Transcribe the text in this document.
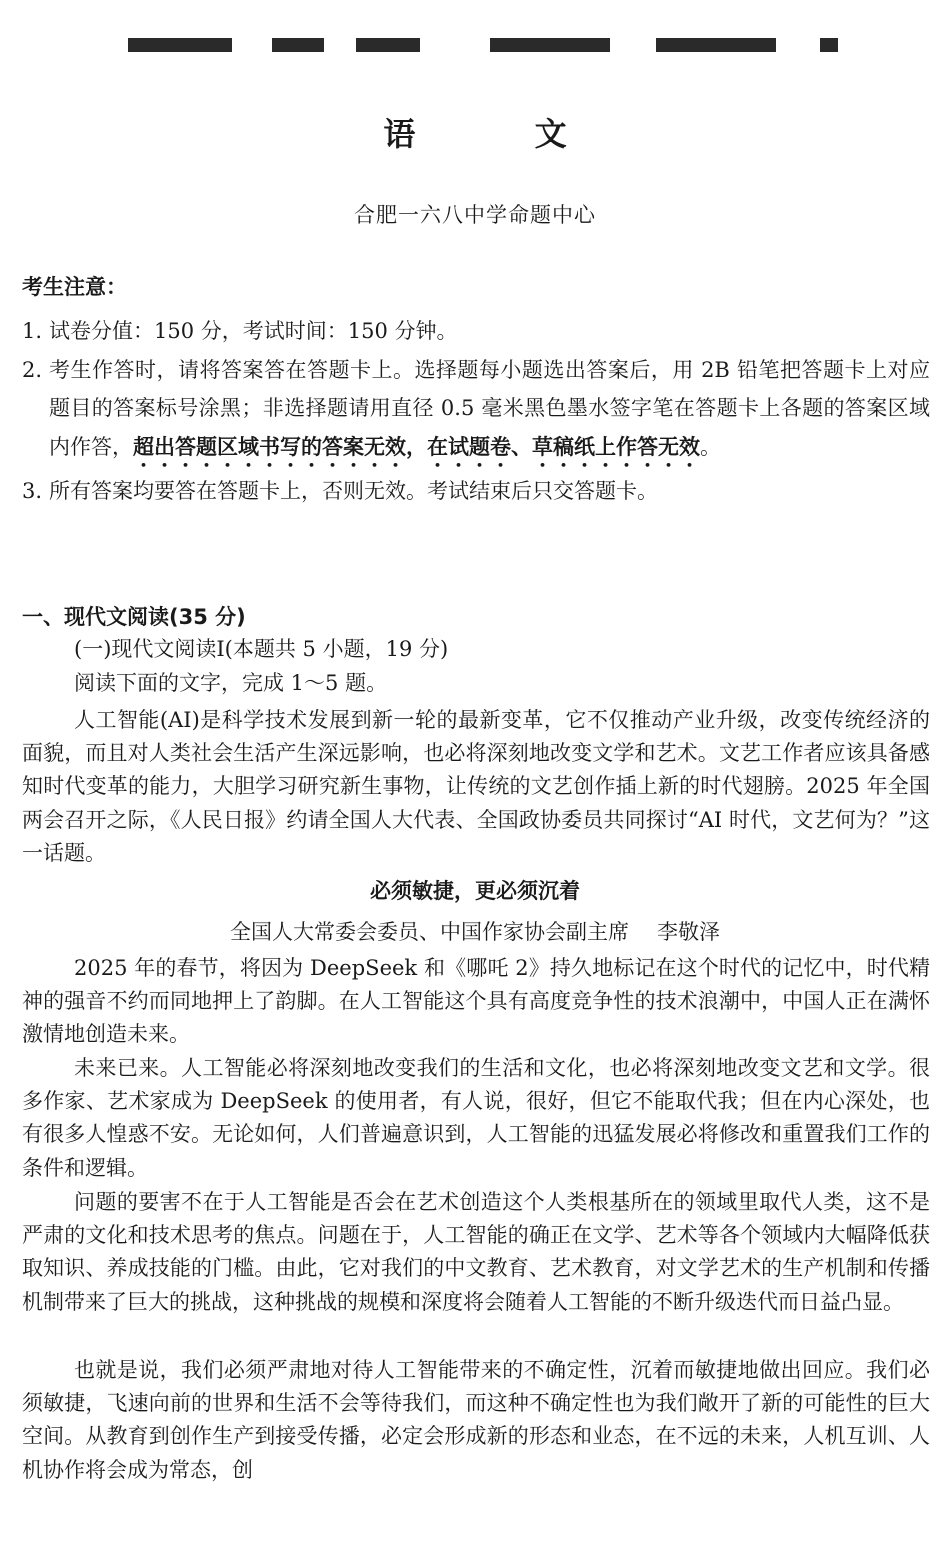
语 文
合肥一六八中学命题中心
考生注意：
1. 试卷分值：150 分，考试时间：150 分钟。
2. 考生作答时，请将答案答在答题卡上。选择题每小题选出答案后，用 2B 铅笔把答题卡上对应题目的答案标号涂黑；非选择题请用直径 0.5 毫米黑色墨水签字笔在答题卡上各题的答案区域内作答，超出答题区域书写的答案无效，在试题卷、草稿纸上作答无效。
3. 所有答案均要答在答题卡上，否则无效。考试结束后只交答题卡。
一、现代文阅读(35 分)
(一)现代文阅读Ⅰ(本题共 5 小题，19 分)
阅读下面的文字，完成 1～5 题。

人工智能(AI)是科学技术发展到新一轮的最新变革，它不仅推动产业升级，改变传统经济的面貌，而且对人类社会生活产生深远影响，也必将深刻地改变文学和艺术。文艺工作者应该具备感知时代变革的能力，大胆学习研究新生事物，让传统的文艺创作插上新的时代翅膀。2025 年全国两会召开之际，《人民日报》约请全国人大代表、全国政协委员共同探讨“AI 时代，文艺何为？”这一话题。

必须敏捷，更必须沉着
全国人大常委会委员、中国作家协会副主席 李敬泽

2025 年的春节，将因为 DeepSeek 和《哪吒 2》持久地标记在这个时代的记忆中，时代精神的强音不约而同地押上了韵脚。在人工智能这个具有高度竞争性的技术浪潮中，中国人正在满怀激情地创造未来。

未来已来。人工智能必将深刻地改变我们的生活和文化，也必将深刻地改变文艺和文学。很多作家、艺术家成为 DeepSeek 的使用者，有人说，很好，但它不能取代我；但在内心深处，也有很多人惶惑不安。无论如何，人们普遍意识到，人工智能的迅猛发展必将修改和重置我们工作的条件和逻辑。

问题的要害不在于人工智能是否会在艺术创造这个人类根基所在的领域里取代人类，这不是严肃的文化和技术思考的焦点。问题在于，人工智能的确正在文学、艺术等各个领域内大幅降低获取知识、养成技能的门槛。由此，它对我们的中文教育、艺术教育，对文学艺术的生产机制和传播机制带来了巨大的挑战，这种挑战的规模和深度将会随着人工智能的不断升级迭代而日益凸显。

也就是说，我们必须严肃地对待人工智能带来的不确定性，沉着而敏捷地做出回应。我们必须敏捷，飞速向前的世界和生活不会等待我们，而这种不确定性也为我们敞开了新的可能性的巨大空间。从教育到创作生产到接受传播，必定会形成新的形态和业态，在不远的未来，人机互训、人机协作将会成为常态，创
